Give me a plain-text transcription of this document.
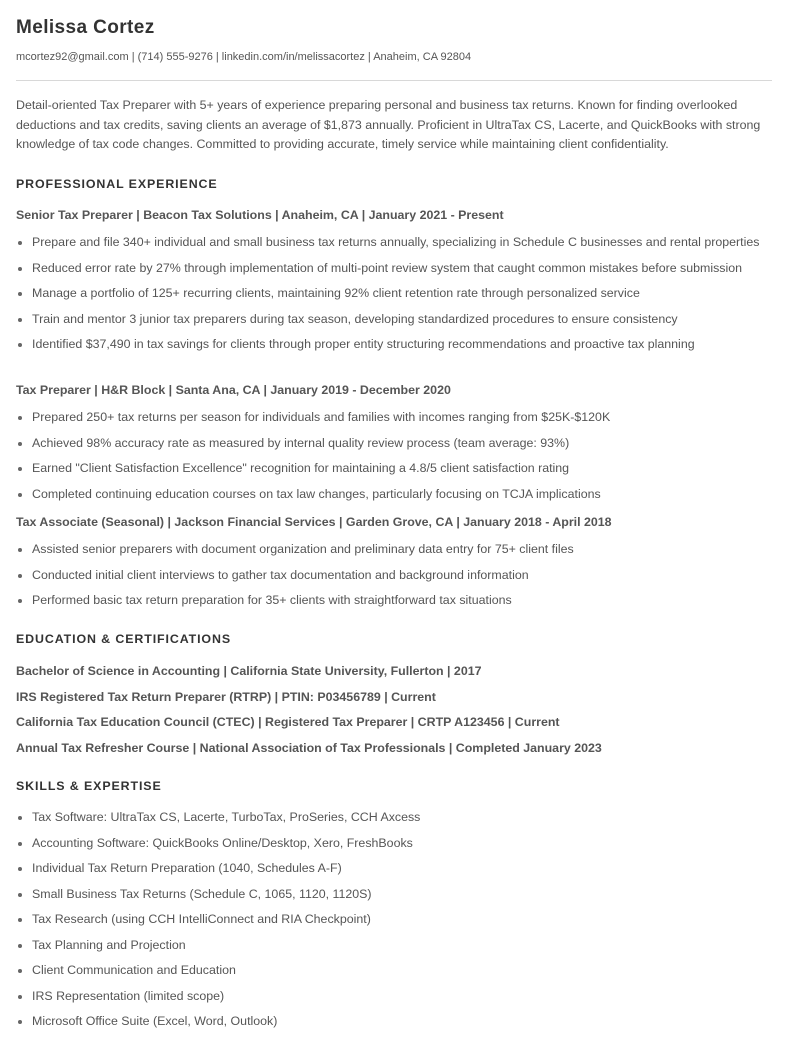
Melissa Cortez
mcortez92@gmail.com | (714) 555-9276 | linkedin.com/in/melissacortez | Anaheim, CA 92804
Detail-oriented Tax Preparer with 5+ years of experience preparing personal and business tax returns. Known for finding overlooked deductions and tax credits, saving clients an average of $1,873 annually. Proficient in UltraTax CS, Lacerte, and QuickBooks with strong knowledge of tax code changes. Committed to providing accurate, timely service while maintaining client confidentiality.
PROFESSIONAL EXPERIENCE
Senior Tax Preparer | Beacon Tax Solutions | Anaheim, CA | January 2021 - Present
Prepare and file 340+ individual and small business tax returns annually, specializing in Schedule C businesses and rental properties
Reduced error rate by 27% through implementation of multi-point review system that caught common mistakes before submission
Manage a portfolio of 125+ recurring clients, maintaining 92% client retention rate through personalized service
Train and mentor 3 junior tax preparers during tax season, developing standardized procedures to ensure consistency
Identified $37,490 in tax savings for clients through proper entity structuring recommendations and proactive tax planning
Tax Preparer | H&R Block | Santa Ana, CA | January 2019 - December 2020
Prepared 250+ tax returns per season for individuals and families with incomes ranging from $25K-$120K
Achieved 98% accuracy rate as measured by internal quality review process (team average: 93%)
Earned "Client Satisfaction Excellence" recognition for maintaining a 4.8/5 client satisfaction rating
Completed continuing education courses on tax law changes, particularly focusing on TCJA implications
Tax Associate (Seasonal) | Jackson Financial Services | Garden Grove, CA | January 2018 - April 2018
Assisted senior preparers with document organization and preliminary data entry for 75+ client files
Conducted initial client interviews to gather tax documentation and background information
Performed basic tax return preparation for 35+ clients with straightforward tax situations
EDUCATION & CERTIFICATIONS
Bachelor of Science in Accounting | California State University, Fullerton | 2017
IRS Registered Tax Return Preparer (RTRP) | PTIN: P03456789 | Current
California Tax Education Council (CTEC) | Registered Tax Preparer | CRTP A123456 | Current
Annual Tax Refresher Course | National Association of Tax Professionals | Completed January 2023
SKILLS & EXPERTISE
Tax Software: UltraTax CS, Lacerte, TurboTax, ProSeries, CCH Axcess
Accounting Software: QuickBooks Online/Desktop, Xero, FreshBooks
Individual Tax Return Preparation (1040, Schedules A-F)
Small Business Tax Returns (Schedule C, 1065, 1120, 1120S)
Tax Research (using CCH IntelliConnect and RIA Checkpoint)
Tax Planning and Projection
Client Communication and Education
IRS Representation (limited scope)
Microsoft Office Suite (Excel, Word, Outlook)
